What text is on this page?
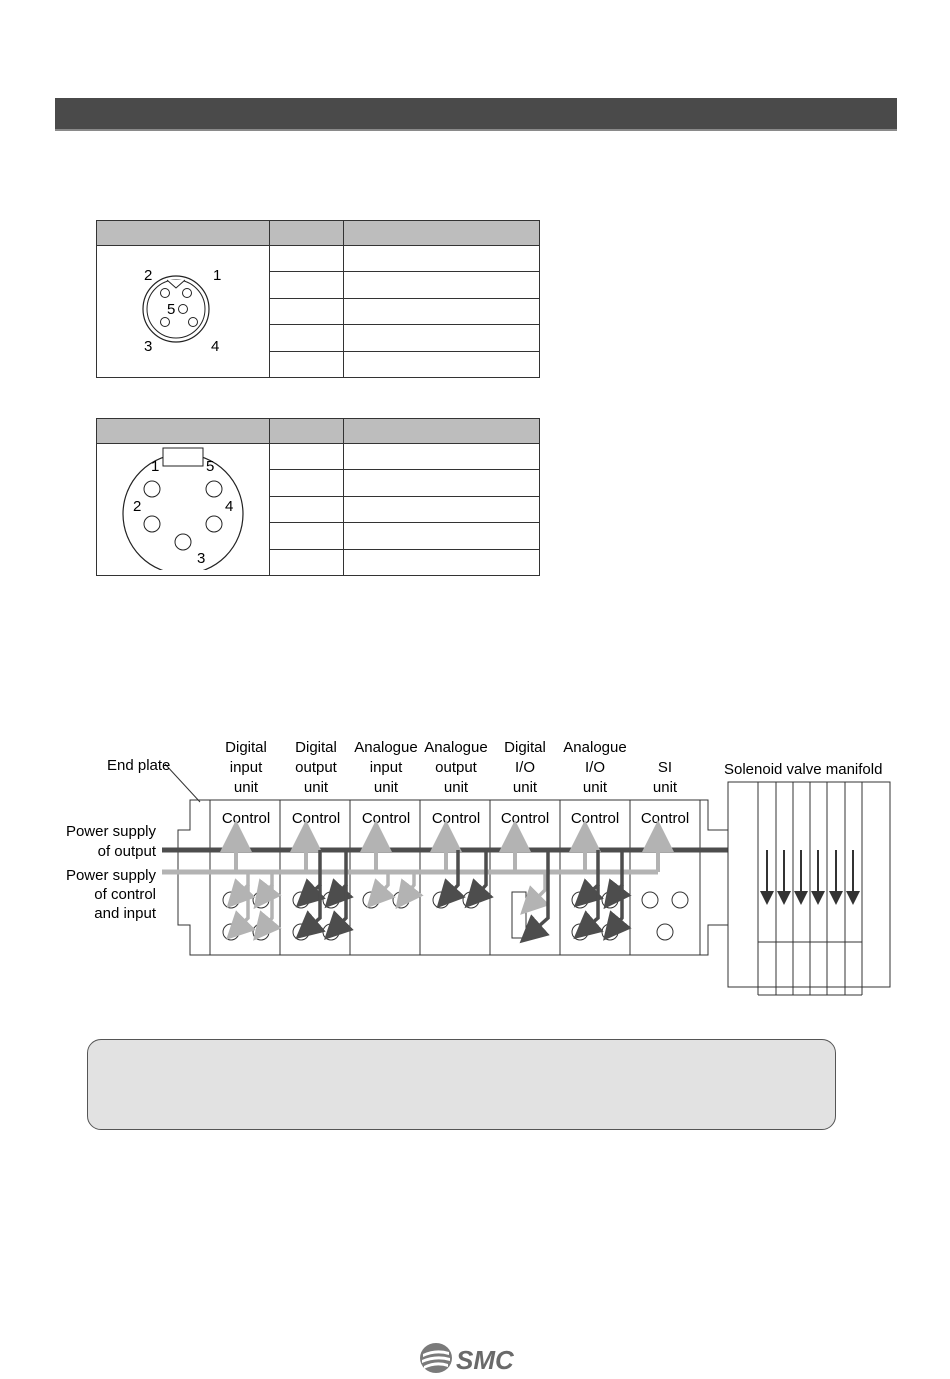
2 1
5
3 4		

1 5
2 4
3		

End plate
Digital
input
unit
Digital
output
unit
Analogue
input
unit
Analogue
output
unit
Digital
I/O
unit
Analogue
I/O
unit
SI
unit
Control Control Control Control Control Control Control
Power supply
of output
Power supply
of control
and input
Solenoid valve manifold
SMC
